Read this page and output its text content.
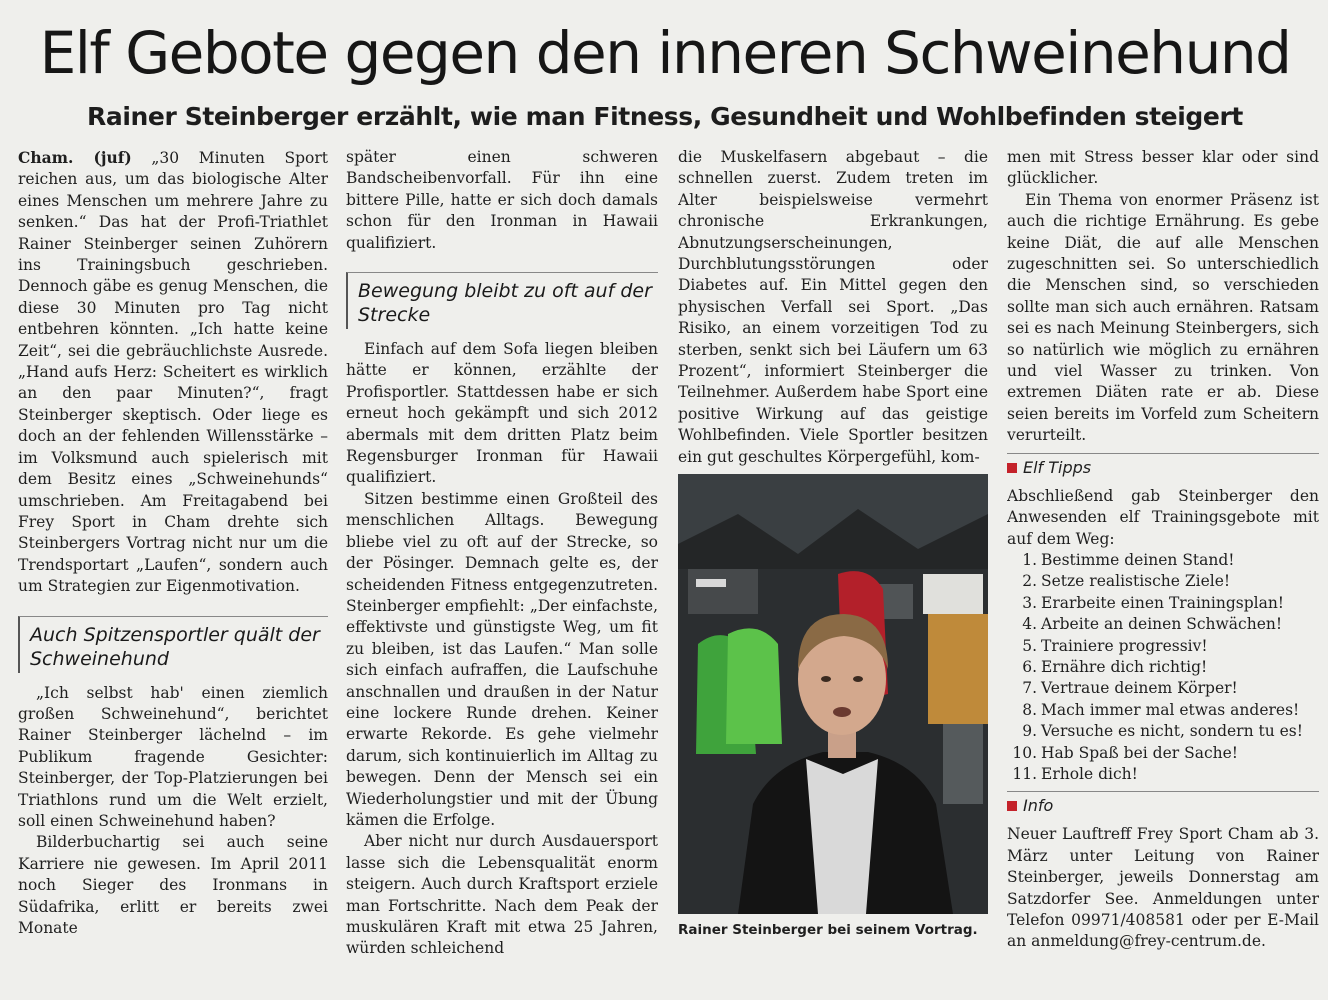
Elf Gebote gegen den inneren Schweinehund
Rainer Steinberger erzählt, wie man Fitness, Gesundheit und Wohlbefinden steigert

Cham. (juf) „30 Minuten Sport reichen aus, um das biologische Alter eines Menschen um mehrere Jahre zu senken.“ Das hat der Profi-Triathlet Rainer Steinberger seinen Zuhörern ins Trainingsbuch geschrieben. Dennoch gäbe es genug Menschen, die diese 30 Minuten pro Tag nicht entbehren könnten. „Ich hatte keine Zeit“, sei die gebräuchlichste Ausrede. „Hand aufs Herz: Scheitert es wirklich an den paar Minuten?“, fragt Steinberger skeptisch. Oder liege es doch an der fehlenden Willensstärke – im Volksmund auch spielerisch mit dem Besitz eines „Schweinehunds“ umschrieben. Am Freitagabend bei Frey Sport in Cham drehte sich Steinbergers Vortrag nicht nur um die Trendsportart „Laufen“, sondern auch um Strategien zur Eigenmotivation.

Auch Spitzensportler quält der Schweinehund

„Ich selbst hab' einen ziemlich großen Schweinehund“, berichtet Rainer Steinberger lächelnd – im Publikum fragende Gesichter: Steinberger, der Top-Platzierungen bei Triathlons rund um die Welt erzielt, soll einen Schweinehund haben?

Bilderbuchartig sei auch seine Karriere nie gewesen. Im April 2011 noch Sieger des Ironmans in Südafrika, erlitt er bereits zwei Monate

später einen schweren Bandscheibenvorfall. Für ihn eine bittere Pille, hatte er sich doch damals schon für den Ironman in Hawaii qualifiziert.

Bewegung bleibt zu oft auf der Strecke

Einfach auf dem Sofa liegen bleiben hätte er können, erzählte der Profisportler. Stattdessen habe er sich erneut hoch gekämpft und sich 2012 abermals mit dem dritten Platz beim Regensburger Ironman für Hawaii qualifiziert.

Sitzen bestimme einen Großteil des menschlichen Alltags. Bewegung bliebe viel zu oft auf der Strecke, so der Pösinger. Demnach gelte es, der scheidenden Fitness entgegenzutreten. Steinberger empfiehlt: „Der einfachste, effektivste und günstigste Weg, um fit zu bleiben, ist das Laufen.“ Man solle sich einfach aufraffen, die Laufschuhe anschnallen und draußen in der Natur eine lockere Runde drehen. Keiner erwarte Rekorde. Es gehe vielmehr darum, sich kontinuierlich im Alltag zu bewegen. Denn der Mensch sei ein Wiederholungstier und mit der Übung kämen die Erfolge.

Aber nicht nur durch Ausdauersport lasse sich die Lebensqualität enorm steigern. Auch durch Kraftsport erziele man Fortschritte. Nach dem Peak der muskulären Kraft mit etwa 25 Jahren, würden schleichend

die Muskelfasern abgebaut – die schnellen zuerst. Zudem treten im Alter beispielsweise vermehrt chronische Erkrankungen, Abnutzungserscheinungen, Durchblutungsstörungen oder Diabetes auf. Ein Mittel gegen den physischen Verfall sei Sport. „Das Risiko, an einem vorzeitigen Tod zu sterben, senkt sich bei Läufern um 63 Prozent“, informiert Steinberger die Teilnehmer. Außerdem habe Sport eine positive Wirkung auf das geistige Wohlbefinden. Viele Sportler besitzen ein gut geschultes Körpergefühl, kom-

Rainer Steinberger bei seinem Vortrag.

men mit Stress besser klar oder sind glücklicher.

Ein Thema von enormer Präsenz ist auch die richtige Ernährung. Es gebe keine Diät, die auf alle Menschen zugeschnitten sei. So unterschiedlich die Menschen sind, so verschieden sollte man sich auch ernähren. Ratsam sei es nach Meinung Steinbergers, sich so natürlich wie möglich zu ernähren und viel Wasser zu trinken. Von extremen Diäten rate er ab. Diese seien bereits im Vorfeld zum Scheitern verurteilt.

Elf Tipps

Abschließend gab Steinberger den Anwesenden elf Trainingsgebote mit auf dem Weg:

1. Bestimme deinen Stand!
2. Setze realistische Ziele!
3. Erarbeite einen Trainingsplan!
4. Arbeite an deinen Schwächen!
5. Trainiere progressiv!
6. Ernähre dich richtig!
7. Vertraue deinem Körper!
8. Mach immer mal etwas anderes!
9. Versuche es nicht, sondern tu es!
10. Hab Spaß bei der Sache!
11. Erhole dich!
Info

Neuer Lauftreff Frey Sport Cham ab 3. März unter Leitung von Rainer Steinberger, jeweils Donnerstag am Satzdorfer See. Anmeldungen unter Telefon 09971/408581 oder per E-Mail an anmeldung@frey-centrum.de.
